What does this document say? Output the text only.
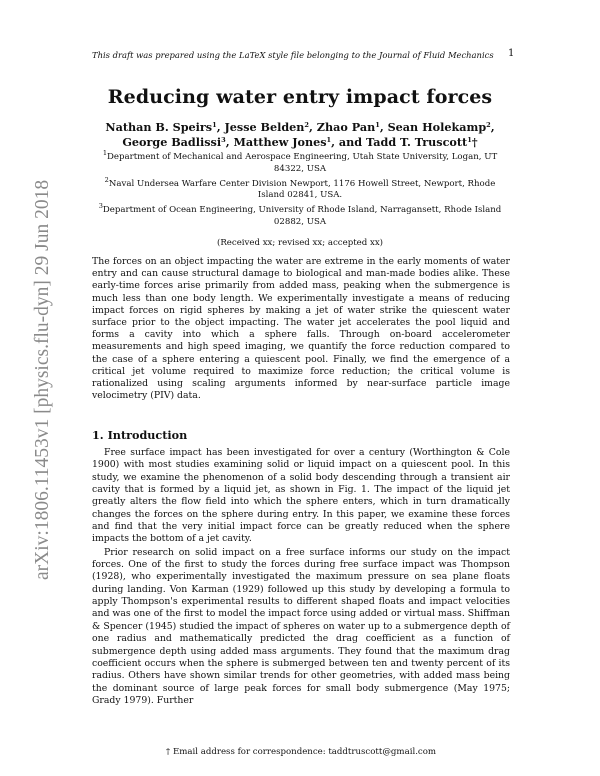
This draft was prepared using the LaTeX style file belonging to the Journal of Fluid Mechanics	1
arXiv:1806.11453v1 [physics.flu-dyn] 29 Jun 2018
Reducing water entry impact forces
Nathan B. Speirs$^1$, Jesse Belden$^2$, Zhao Pan$^1$, Sean Holekamp$^2$,
George Badlissi$^3$, Matthew Jones$^1$, and Tadd T. Truscott$^1$†
$^1$Department of Mechanical and Aerospace Engineering, Utah State University, Logan, UT 84322, USA
$^2$Naval Undersea Warfare Center Division Newport, 1176 Howell Street, Newport, Rhode Island 02841, USA.
$^3$Department of Ocean Engineering, University of Rhode Island, Narragansett, Rhode Island 02882, USA
(Received xx; revised xx; accepted xx)
The forces on an object impacting the water are extreme in the early moments of water entry and can cause structural damage to biological and man-made bodies alike. These early-time forces arise primarily from added mass, peaking when the submergence is much less than one body length. We experimentally investigate a means of reducing impact forces on rigid spheres by making a jet of water strike the quiescent water surface prior to the object impacting. The water jet accelerates the pool liquid and forms a cavity into which a sphere falls. Through on-board accelerometer measurements and high speed imaging, we quantify the force reduction compared to the case of a sphere entering a quiescent pool. Finally, we find the emergence of a critical jet volume required to maximize force reduction; the critical volume is rationalized using scaling arguments informed by near-surface particle image velocimetry (PIV) data.
1. Introduction

Free surface impact has been investigated for over a century (Worthington & Cole 1900) with most studies examining solid or liquid impact on a quiescent pool. In this study, we examine the phenomenon of a solid body descending through a transient air cavity that is formed by a liquid jet, as shown in Fig. 1. The impact of the liquid jet greatly alters the flow field into which the sphere enters, which in turn dramatically changes the forces on the sphere during entry. In this paper, we examine these forces and find that the very initial impact force can be greatly reduced when the sphere impacts the bottom of a jet cavity.

Prior research on solid impact on a free surface informs our study on the impact forces. One of the first to study the forces during free surface impact was Thompson (1928), who experimentally investigated the maximum pressure on sea plane floats during landing. Von Karman (1929) followed up this study by developing a formula to apply Thompson's experimental results to different shaped floats and impact velocities and was one of the first to model the impact force using added or virtual mass. Shiffman & Spencer (1945) studied the impact of spheres on water up to a submergence depth of one radius and mathematically predicted the drag coefficient as a function of submergence depth using added mass arguments. They found that the maximum drag coefficient occurs when the sphere is submerged between ten and twenty percent of its radius. Others have shown similar trends for other geometries, with added mass being the dominant source of large peak forces for small body submergence (May 1975; Grady 1979). Further

† Email address for correspondence: taddtruscott@gmail.com
